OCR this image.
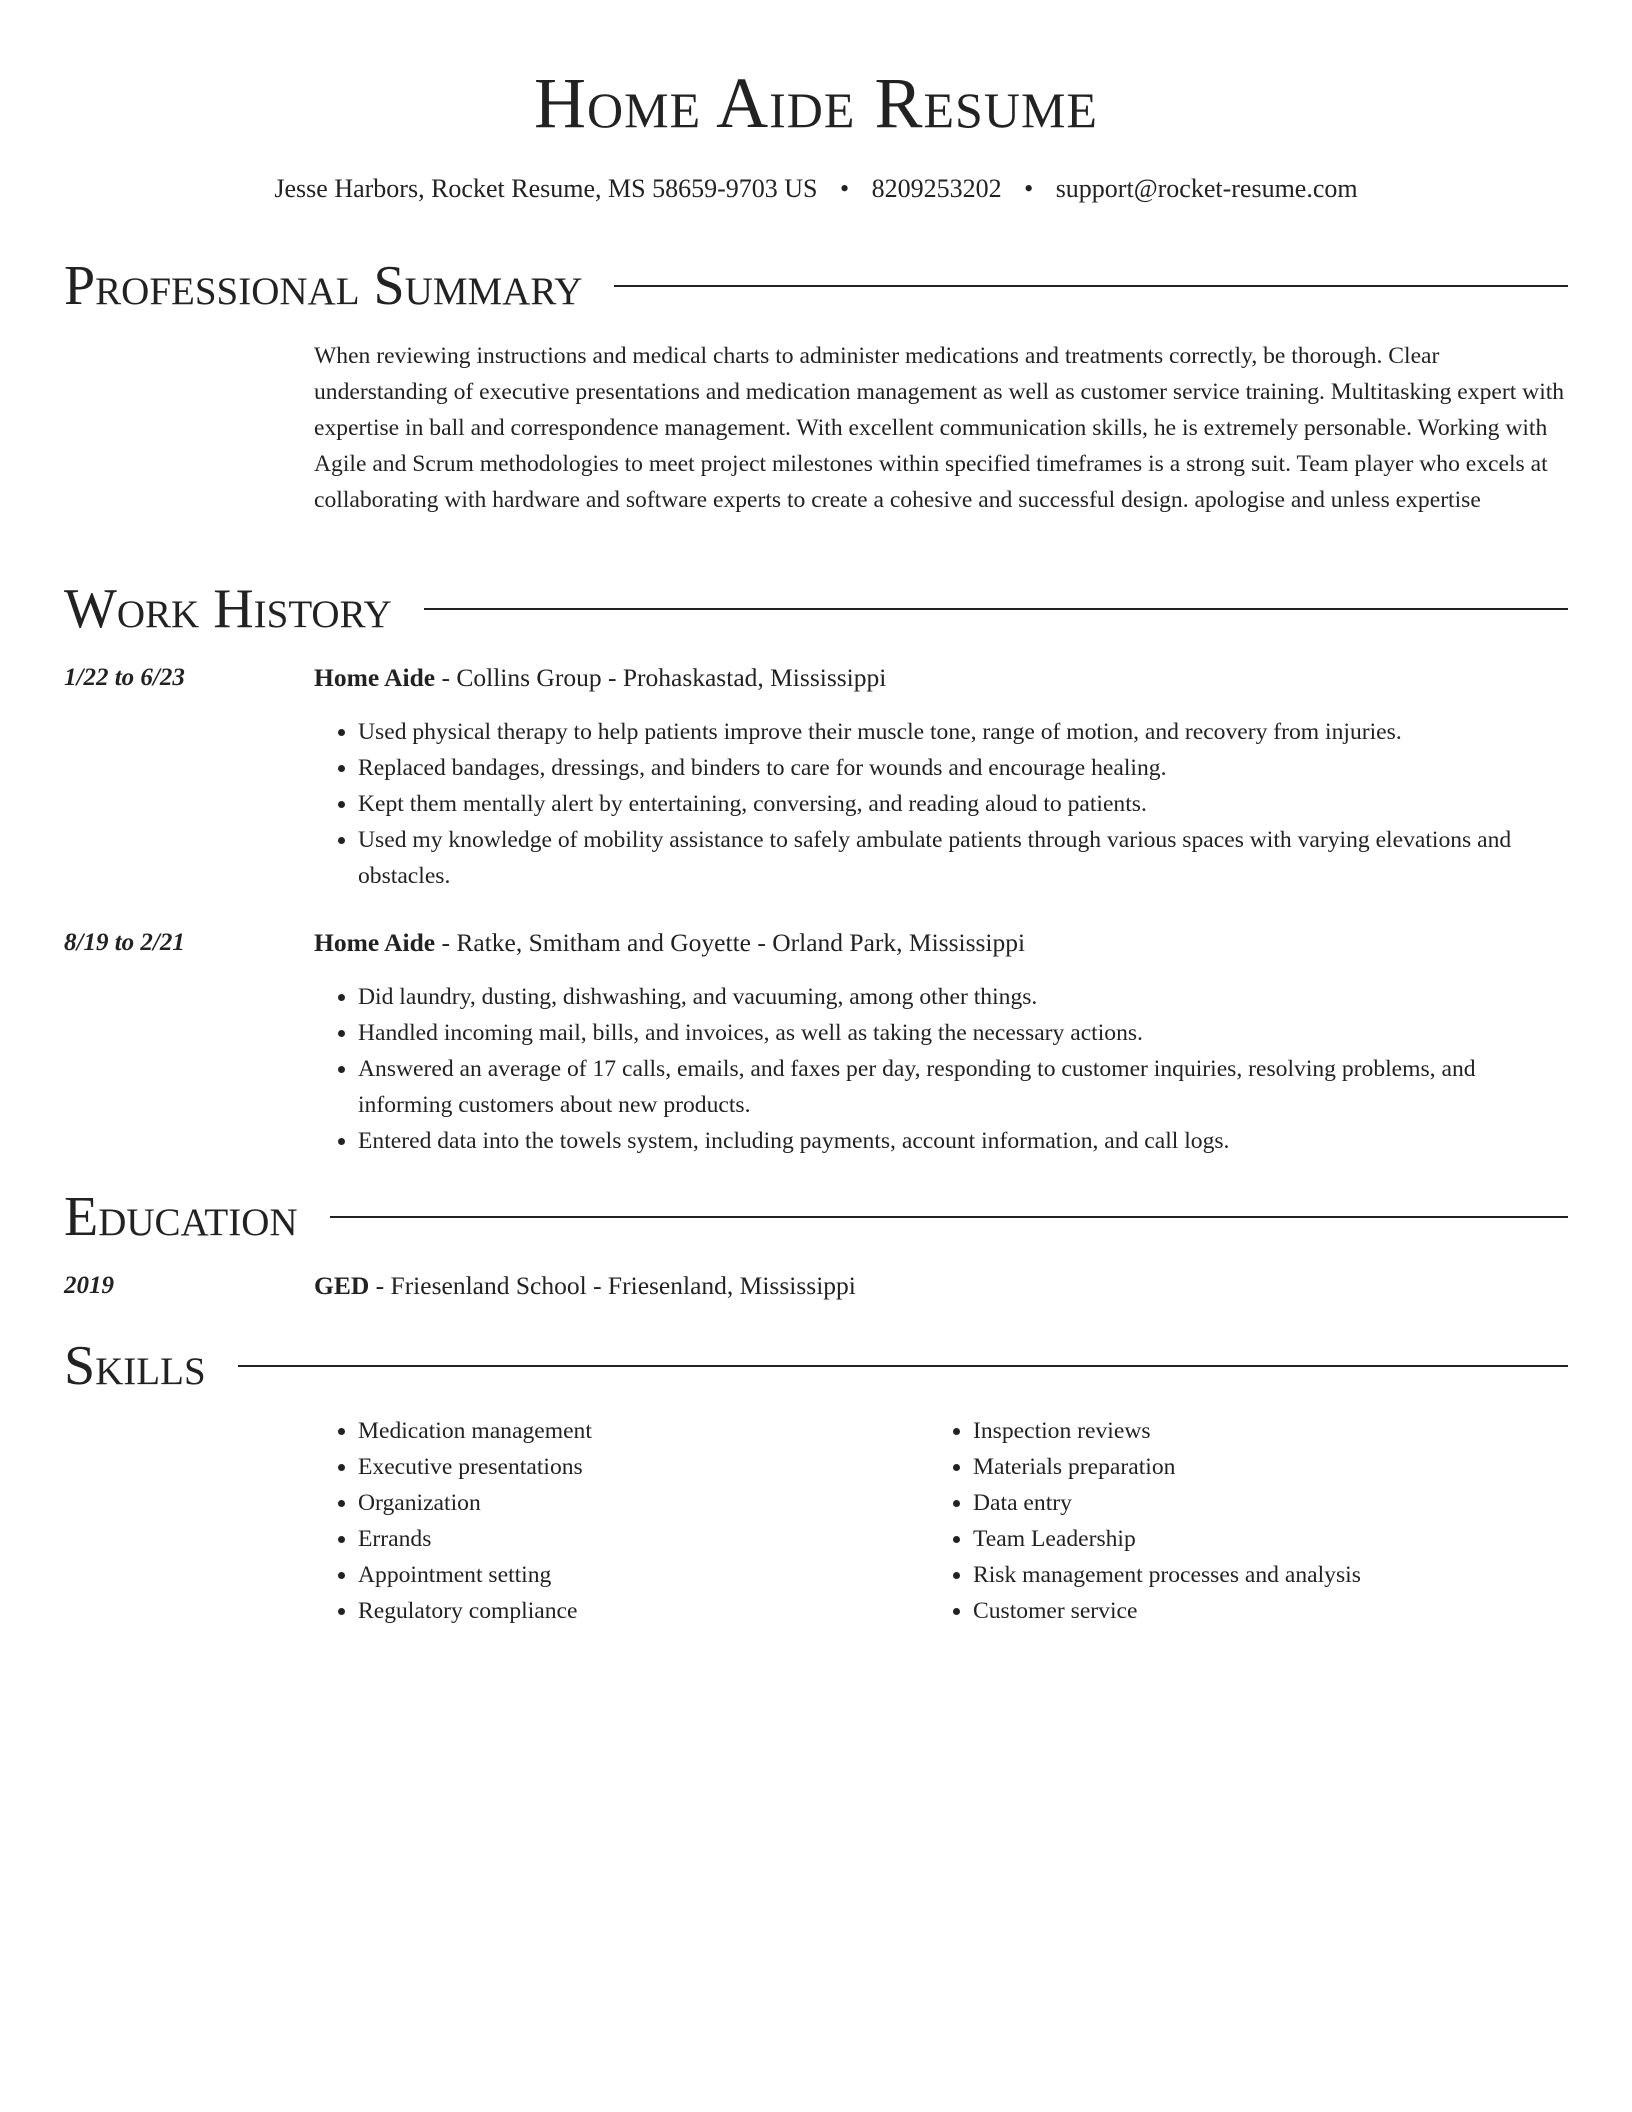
Home Aide Resume
Jesse Harbors, Rocket Resume, MS 58659-9703 US • 8209253202 • support@rocket-resume.com
Professional Summary
When reviewing instructions and medical charts to administer medications and treatments correctly, be thorough. Clear understanding of executive presentations and medication management as well as customer service training. Multitasking expert with expertise in ball and correspondence management. With excellent communication skills, he is extremely personable. Working with Agile and Scrum methodologies to meet project milestones within specified timeframes is a strong suit. Team player who excels at collaborating with hardware and software experts to create a cohesive and successful design. apologise and unless expertise
Work History
1/22 to 6/23	Home Aide - Collins Group - Prohaskastad, Mississippi
• Used physical therapy to help patients improve their muscle tone, range of motion, and recovery from injuries.
• Replaced bandages, dressings, and binders to care for wounds and encourage healing.
• Kept them mentally alert by entertaining, conversing, and reading aloud to patients.
• Used my knowledge of mobility assistance to safely ambulate patients through various spaces with varying elevations and obstacles.
8/19 to 2/21	Home Aide - Ratke, Smitham and Goyette - Orland Park, Mississippi
• Did laundry, dusting, dishwashing, and vacuuming, among other things.
• Handled incoming mail, bills, and invoices, as well as taking the necessary actions.
• Answered an average of 17 calls, emails, and faxes per day, responding to customer inquiries, resolving problems, and informing customers about new products.
• Entered data into the towels system, including payments, account information, and call logs.
Education
2019	GED - Friesenland School - Friesenland, Mississippi
Skills
• Medication management
• Executive presentations
• Organization
• Errands
• Appointment setting
• Regulatory compliance
• Inspection reviews
• Materials preparation
• Data entry
• Team Leadership
• Risk management processes and analysis
• Customer service
